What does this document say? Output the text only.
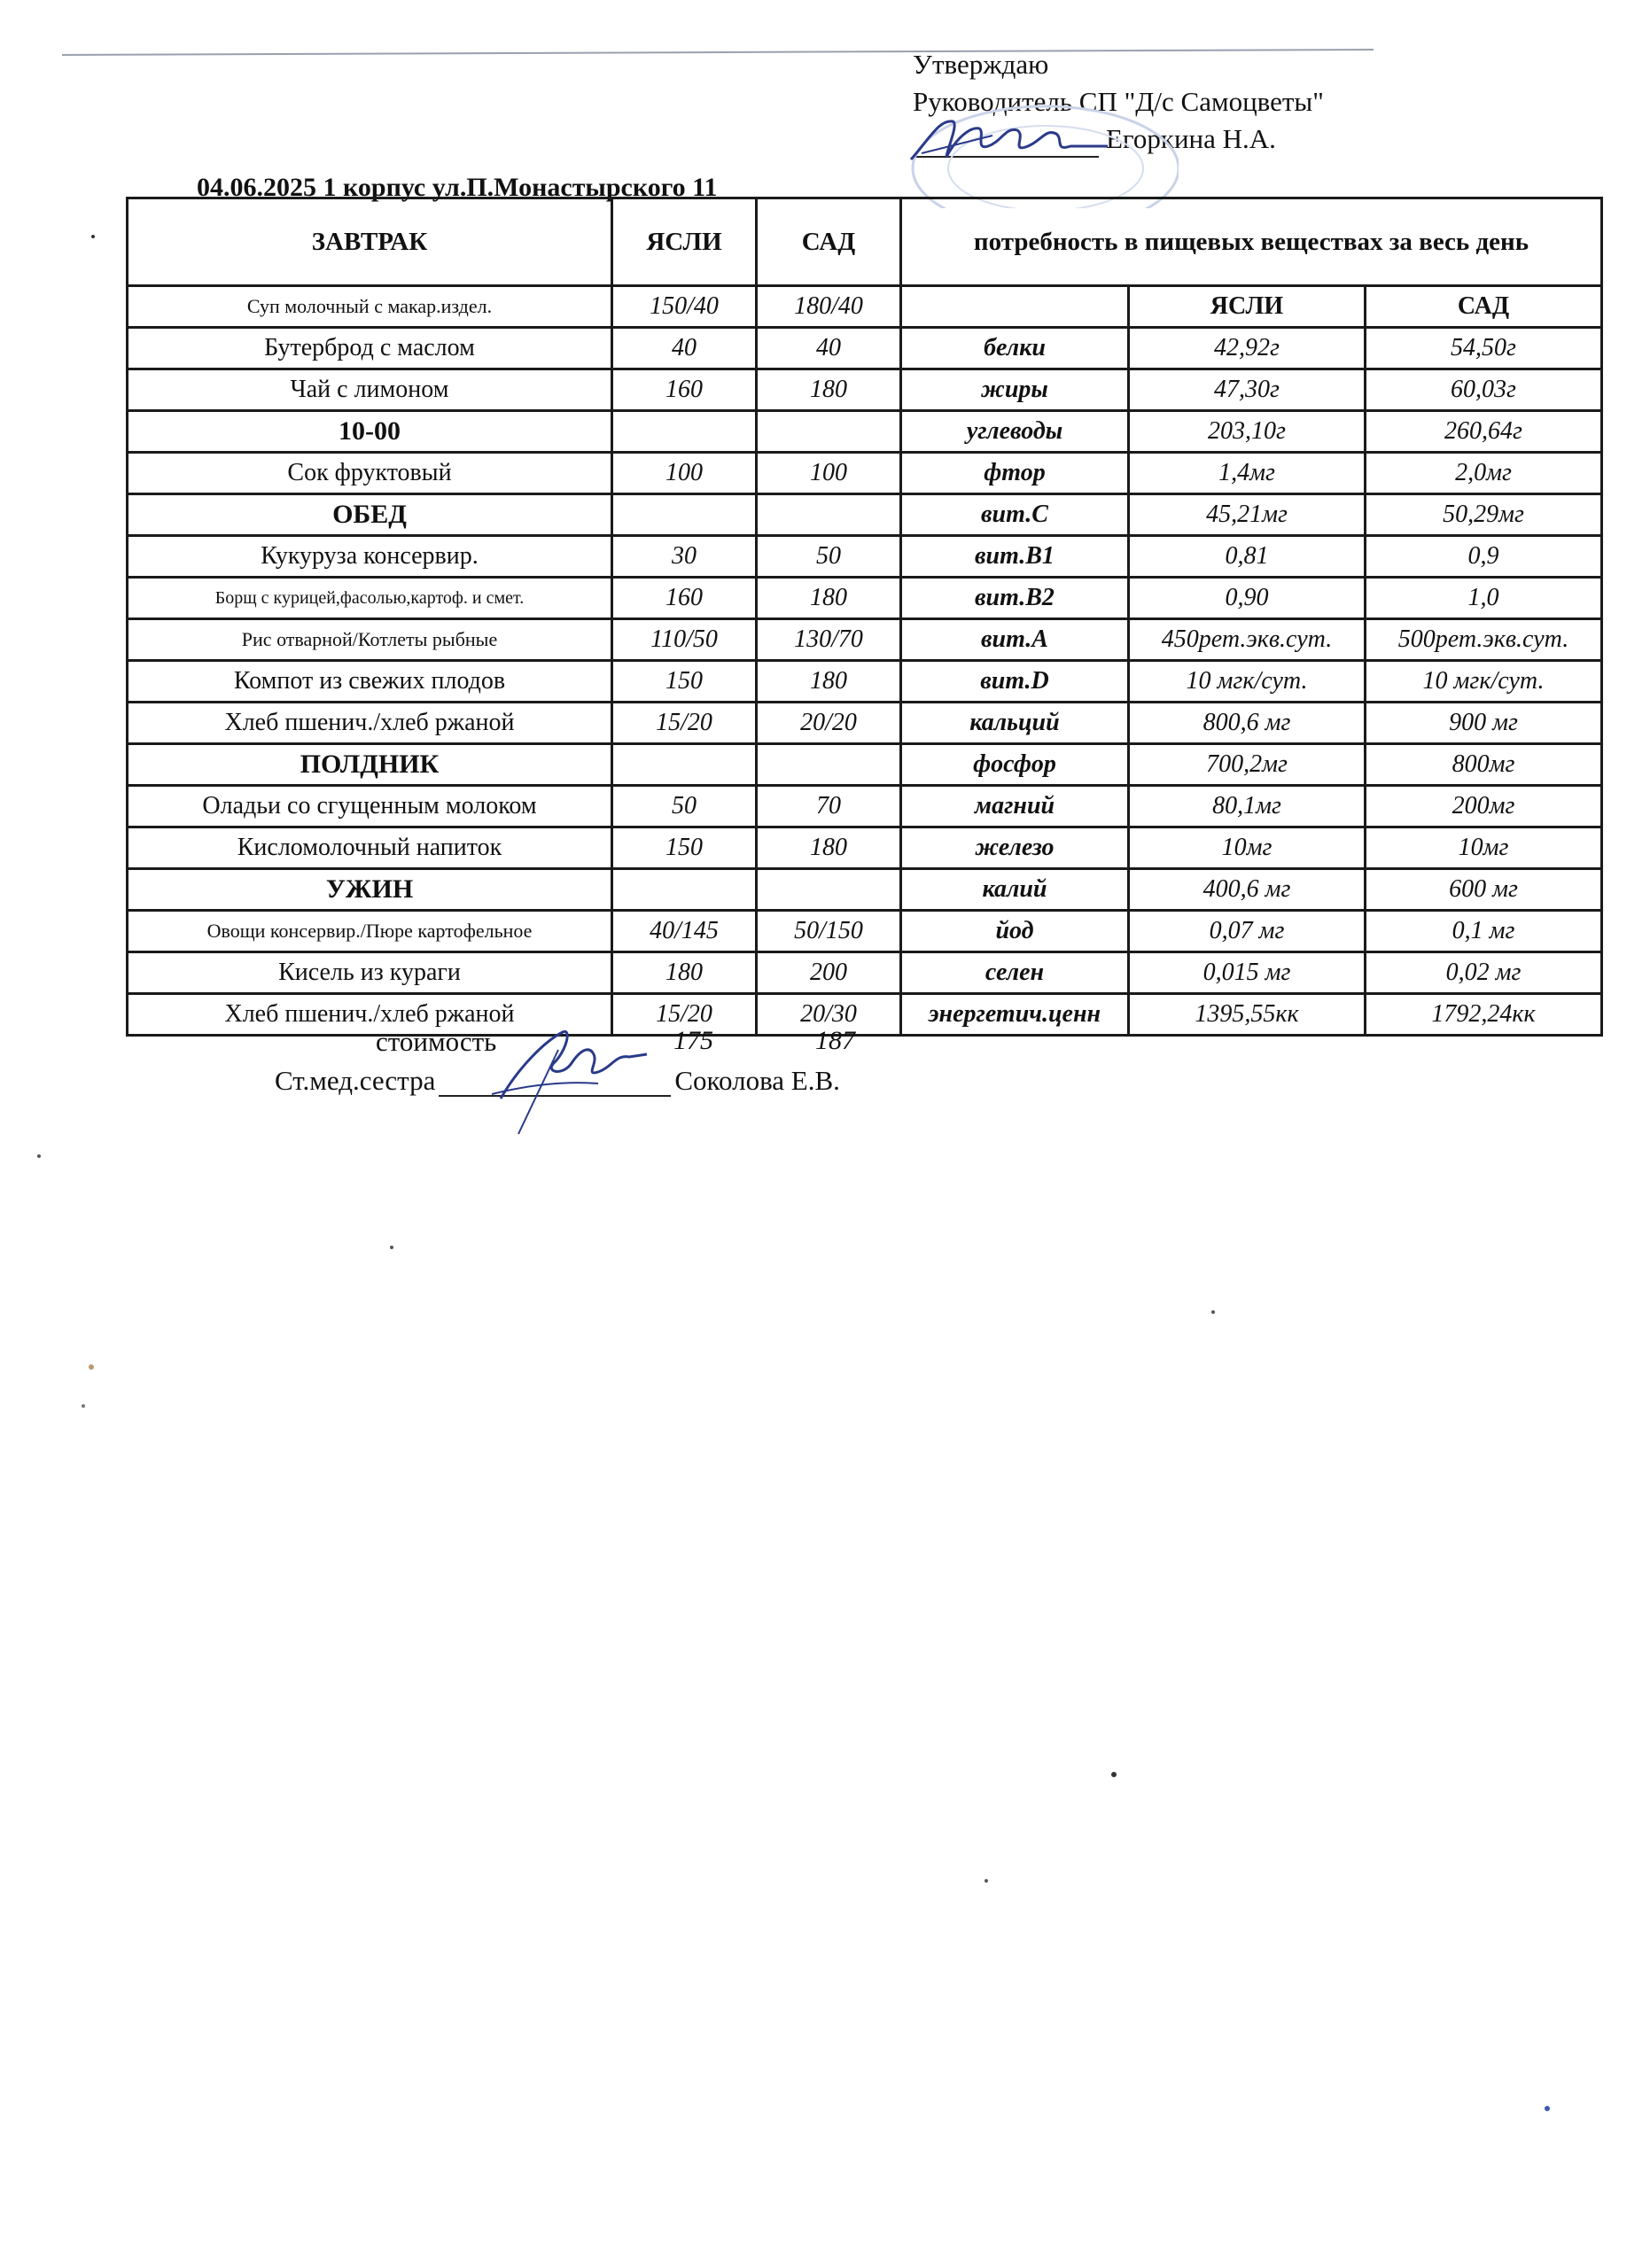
Утверждаю
Руководитель СП "Д/с Самоцветы"
Егоркина Н.А.
04.06.2025 1 корпус ул.П.Монастырского 11
ЗАВТРАК	ЯСЛИ	САД	потребность в пищевых веществах за весь день		
Суп молочный с макар.издел.	150/40	180/40		ЯСЛИ	САД
Бутерброд с маслом	40	40	белки	42,92г	54,50г
Чай с лимоном	160	180	жиры	47,30г	60,03г
10-00			углеводы	203,10г	260,64г
Сок фруктовый	100	100	фтор	1,4мг	2,0мг
ОБЕД			вит.С	45,21мг	50,29мг
Кукуруза консервир.	30	50	вит.В1	0,81	0,9
Борщ с курицей,фасолью,картоф. и смет.	160	180	вит.В2	0,90	1,0
Рис отварной/Котлеты рыбные	110/50	130/70	вит.А	450рет.экв.сут.	500рет.экв.сут.
Компот из свежих плодов	150	180	вит.D	10 мгк/сут.	10 мгк/сут.
Хлеб пшенич./хлеб ржаной	15/20	20/20	кальций	800,6 мг	900 мг
ПОЛДНИК			фосфор	700,2мг	800мг
Оладьи со сгущенным молоком	50	70	магний	80,1мг	200мг
Кисломолочный напиток	150	180	железо	10мг	10мг
УЖИН			калий	400,6 мг	600 мг
Овощи консервир./Пюре картофельное	40/145	50/150	йод	0,07 мг	0,1 мг
Кисель из кураги	180	200	селен	0,015 мг	0,02 мг
Хлеб пшенич./хлеб ржаной	15/20	20/30	энергетич.ценн	1395,55кк	1792,24кк
стоимость	175	187
Ст.мед.сестра	Соколова Е.В.
